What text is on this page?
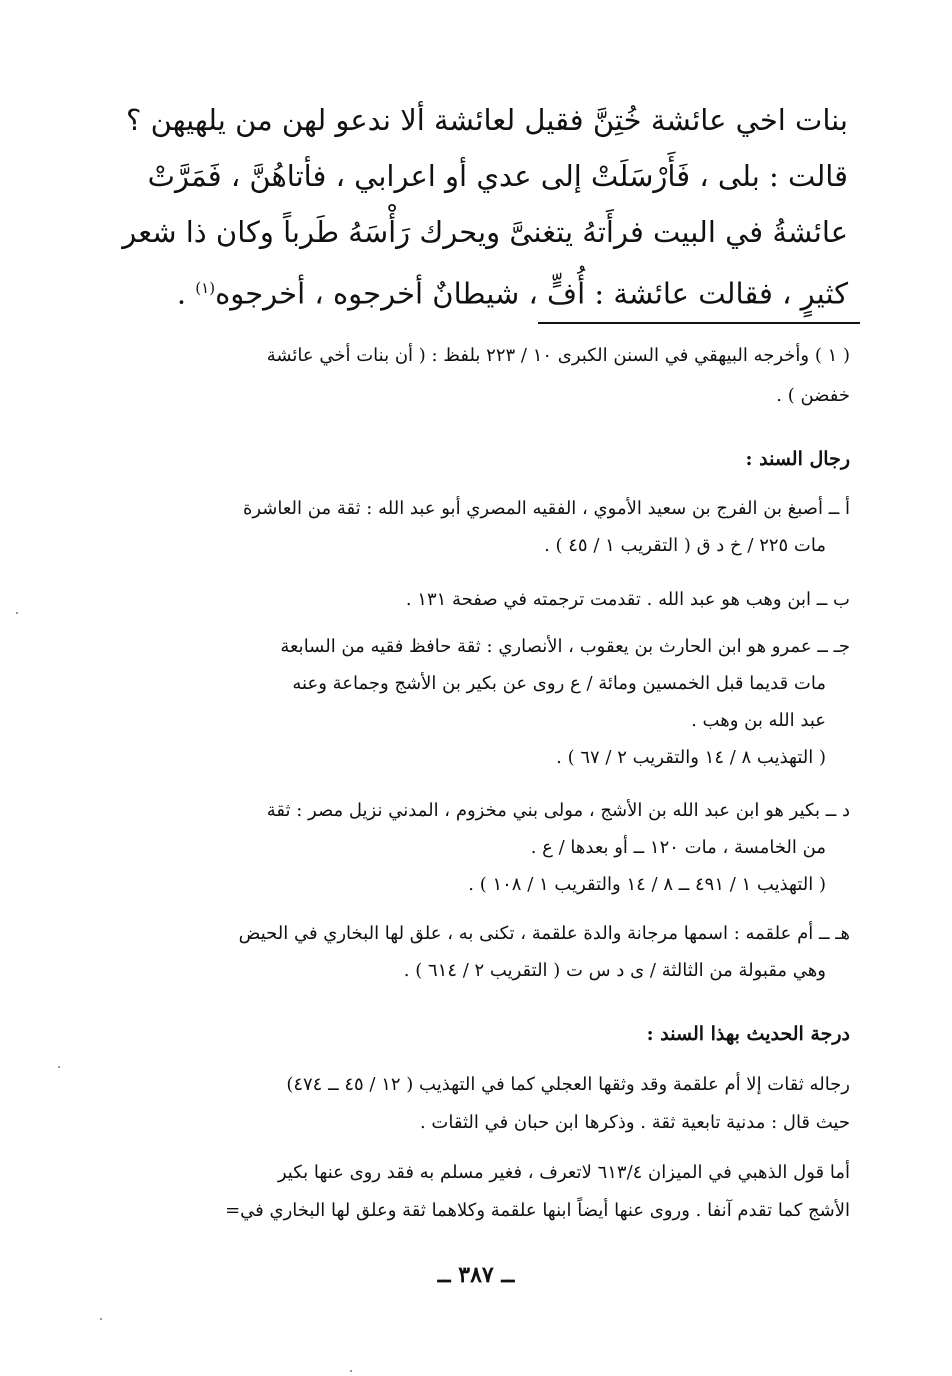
بنات اخي عائشة خُتِنَّ فقيل لعائشة ألا ندعو لهن من يلهيهن ؟

قالت : بلى ، فَأَرْسَلَتْ إلى عدي أو اعرابي ، فأتاهُنَّ ، فَمَرَّتْ

عائشةُ في البيت فرأَتهُ يتغنىَّ ويحرك رَأْسَهُ طَرباً وكان ذا شعر

كثيرٍ ، فقالت عائشة : أُفٍّ ، شيطانٌ أخرجوه ، أخرجوه$^{(١)}$ .

( ١ ) وأخرجه البيهقي في السنن الكبرى ١٠ / ٢٢٣ بلفظ : ( أن بنات أخي عائشة
خفضن ) .
رجال السند :
أ ــ أصبغ بن الفرج بن سعيد الأموي ، الفقيه المصري أبو عبد الله : ثقة من العاشرة
مات ٢٢٥ / خ د ق ( التقريب ١ / ٤٥ ) .
ب ــ ابن وهب هو عبد الله . تقدمت ترجمته في صفحة ١٣١ .
جـ ــ عمرو هو ابن الحارث بن يعقوب ، الأنصاري : ثقة حافظ فقيه من السابعة
مات قديما قبل الخمسين ومائة / ع روى عن بكير بن الأشج وجماعة وعنه
عبد الله بن وهب .
( التهذيب ٨ / ١٤ والتقريب ٢ / ٦٧ ) .
د ــ بكير هو ابن عبد الله بن الأشج ، مولى بني مخزوم ، المدني نزيل مصر : ثقة
من الخامسة ، مات ١٢٠ ــ أو بعدها / ع .
( التهذيب ١ / ٤٩١ ــ ٨ / ١٤ والتقريب ١ / ١٠٨ ) .
هـ ــ أم علقمه : اسمها مرجانة والدة علقمة ، تكنى به ، علق لها البخاري في الحيض
وهي مقبولة من الثالثة / ى د س ت ( التقريب ٢ / ٦١٤ ) .
درجة الحديث بهذا السند :
رجاله ثقات إلا أم علقمة وقد وثقها العجلي كما في التهذيب ( ١٢ / ٤٥ ــ ٤٧٤)
حيث قال : مدنية تابعية ثقة . وذكرها ابن حبان في الثقات .
أما قول الذهبي في الميزان ٦١٣/٤ لاتعرف ، فغير مسلم به فقد روى عنها بكير
الأشج كما تقدم آنفا . وروى عنها أيضاً ابنها علقمة وكلاهما ثقة وعلق لها البخاري في=
ــ ٣٨٧ ــ
